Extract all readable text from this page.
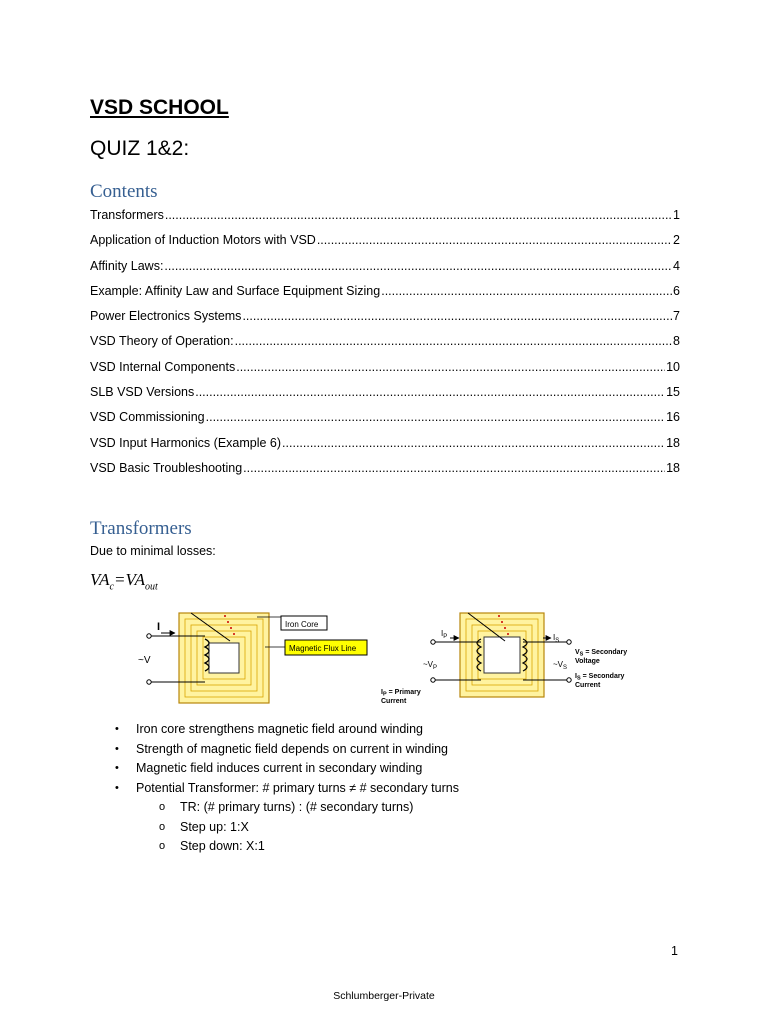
VSD SCHOOL
QUIZ 1&2:
Contents
Transformers .....	1
Application of Induction Motors with VSD .....	2
Affinity Laws: .....	4
Example: Affinity Law and Surface Equipment Sizing .....	6
Power Electronics Systems .....	7
VSD Theory of Operation: .....	8
VSD Internal Components .....	10
SLB VSD Versions .....	15
VSD Commissioning .....	16
VSD Input Harmonics (Example 6) .....	18
VSD Basic Troubleshooting .....	18
Transformers
Due to minimal losses:
$VA_c=VA_{out}$
I
~V
Iron Core
Magnetic Flux Line
$I_P$
$\sim V_P$
$I_S$
$\sim V_S$
$V_S$ = Secondary
Voltage
$I_S$ = Secondary
Current
$I_P$ = Primary
Current
• Iron core strengthens magnetic field around winding
• Strength of magnetic field depends on current in winding
• Magnetic field induces current in secondary winding
• Potential Transformer: # primary turns ≠ # secondary turns
o TR: (# primary turns) : (# secondary turns)
o Step up: 1:X
o Step down: X:1
1
Schlumberger-Private
